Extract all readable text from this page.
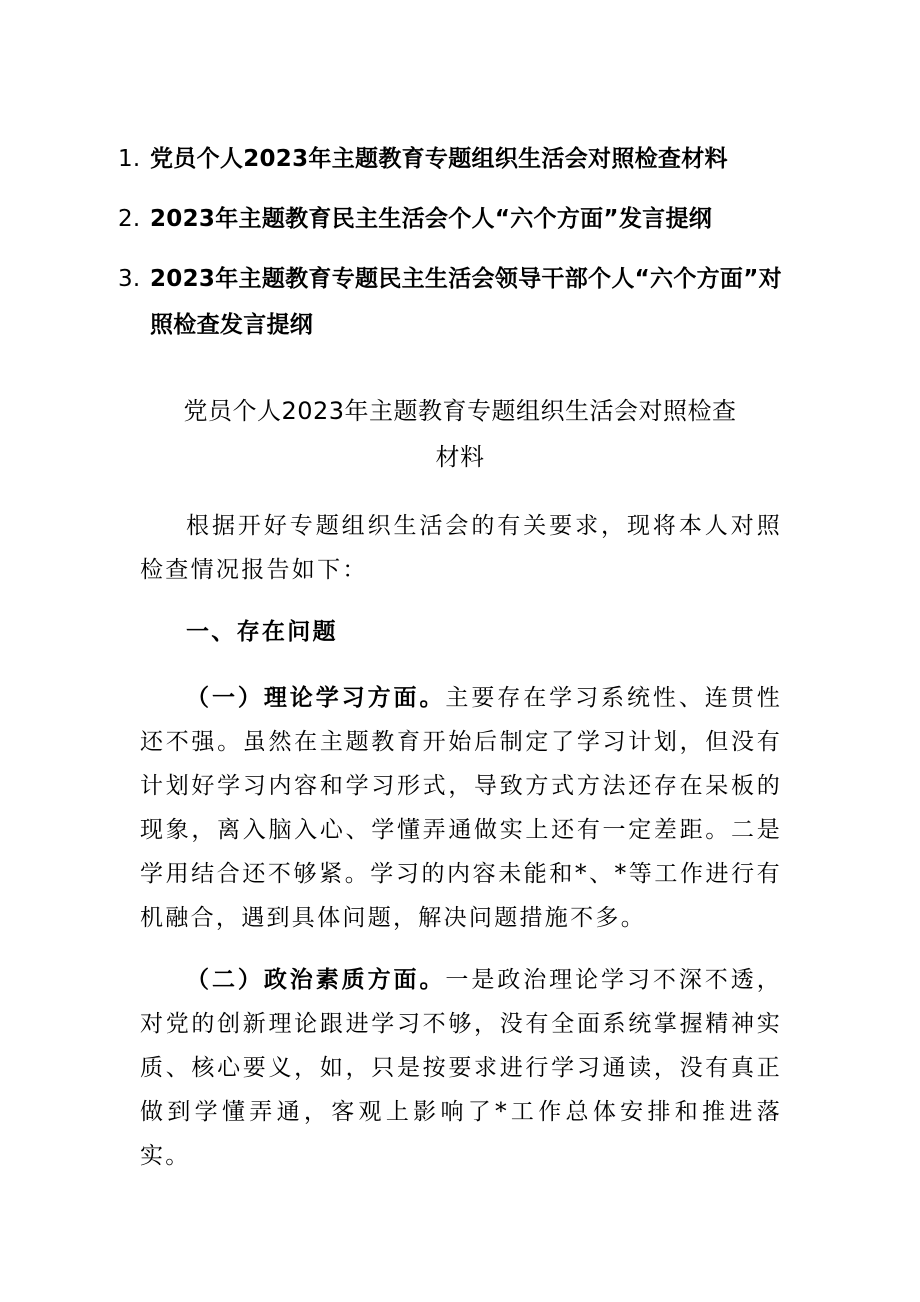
1. 党员个人2023年主题教育专题组织生活会对照检查材料
2. 2023年主题教育民主生活会个人“六个方面”发言提纲
3. 2023年主题教育专题民主生活会领导干部个人“六个方面”对照检查发言提纲
党员个人2023年主题教育专题组织生活会对照检查材料

根据开好专题组织生活会的有关要求，现将本人对照检查情况报告如下：

一、存在问题

（一）理论学习方面。主要存在学习系统性、连贯性还不强。虽然在主题教育开始后制定了学习计划，但没有计划好学习内容和学习形式，导致方式方法还存在呆板的现象，离入脑入心、学懂弄通做实上还有一定差距。二是学用结合还不够紧。学习的内容未能和*、*等工作进行有机融合，遇到具体问题，解决问题措施不多。

（二）政治素质方面。一是政治理论学习不深不透，对党的创新理论跟进学习不够，没有全面系统掌握精神实质、核心要义，如，只是按要求进行学习通读，没有真正做到学懂弄通，客观上影响了*工作总体安排和推进落实。
